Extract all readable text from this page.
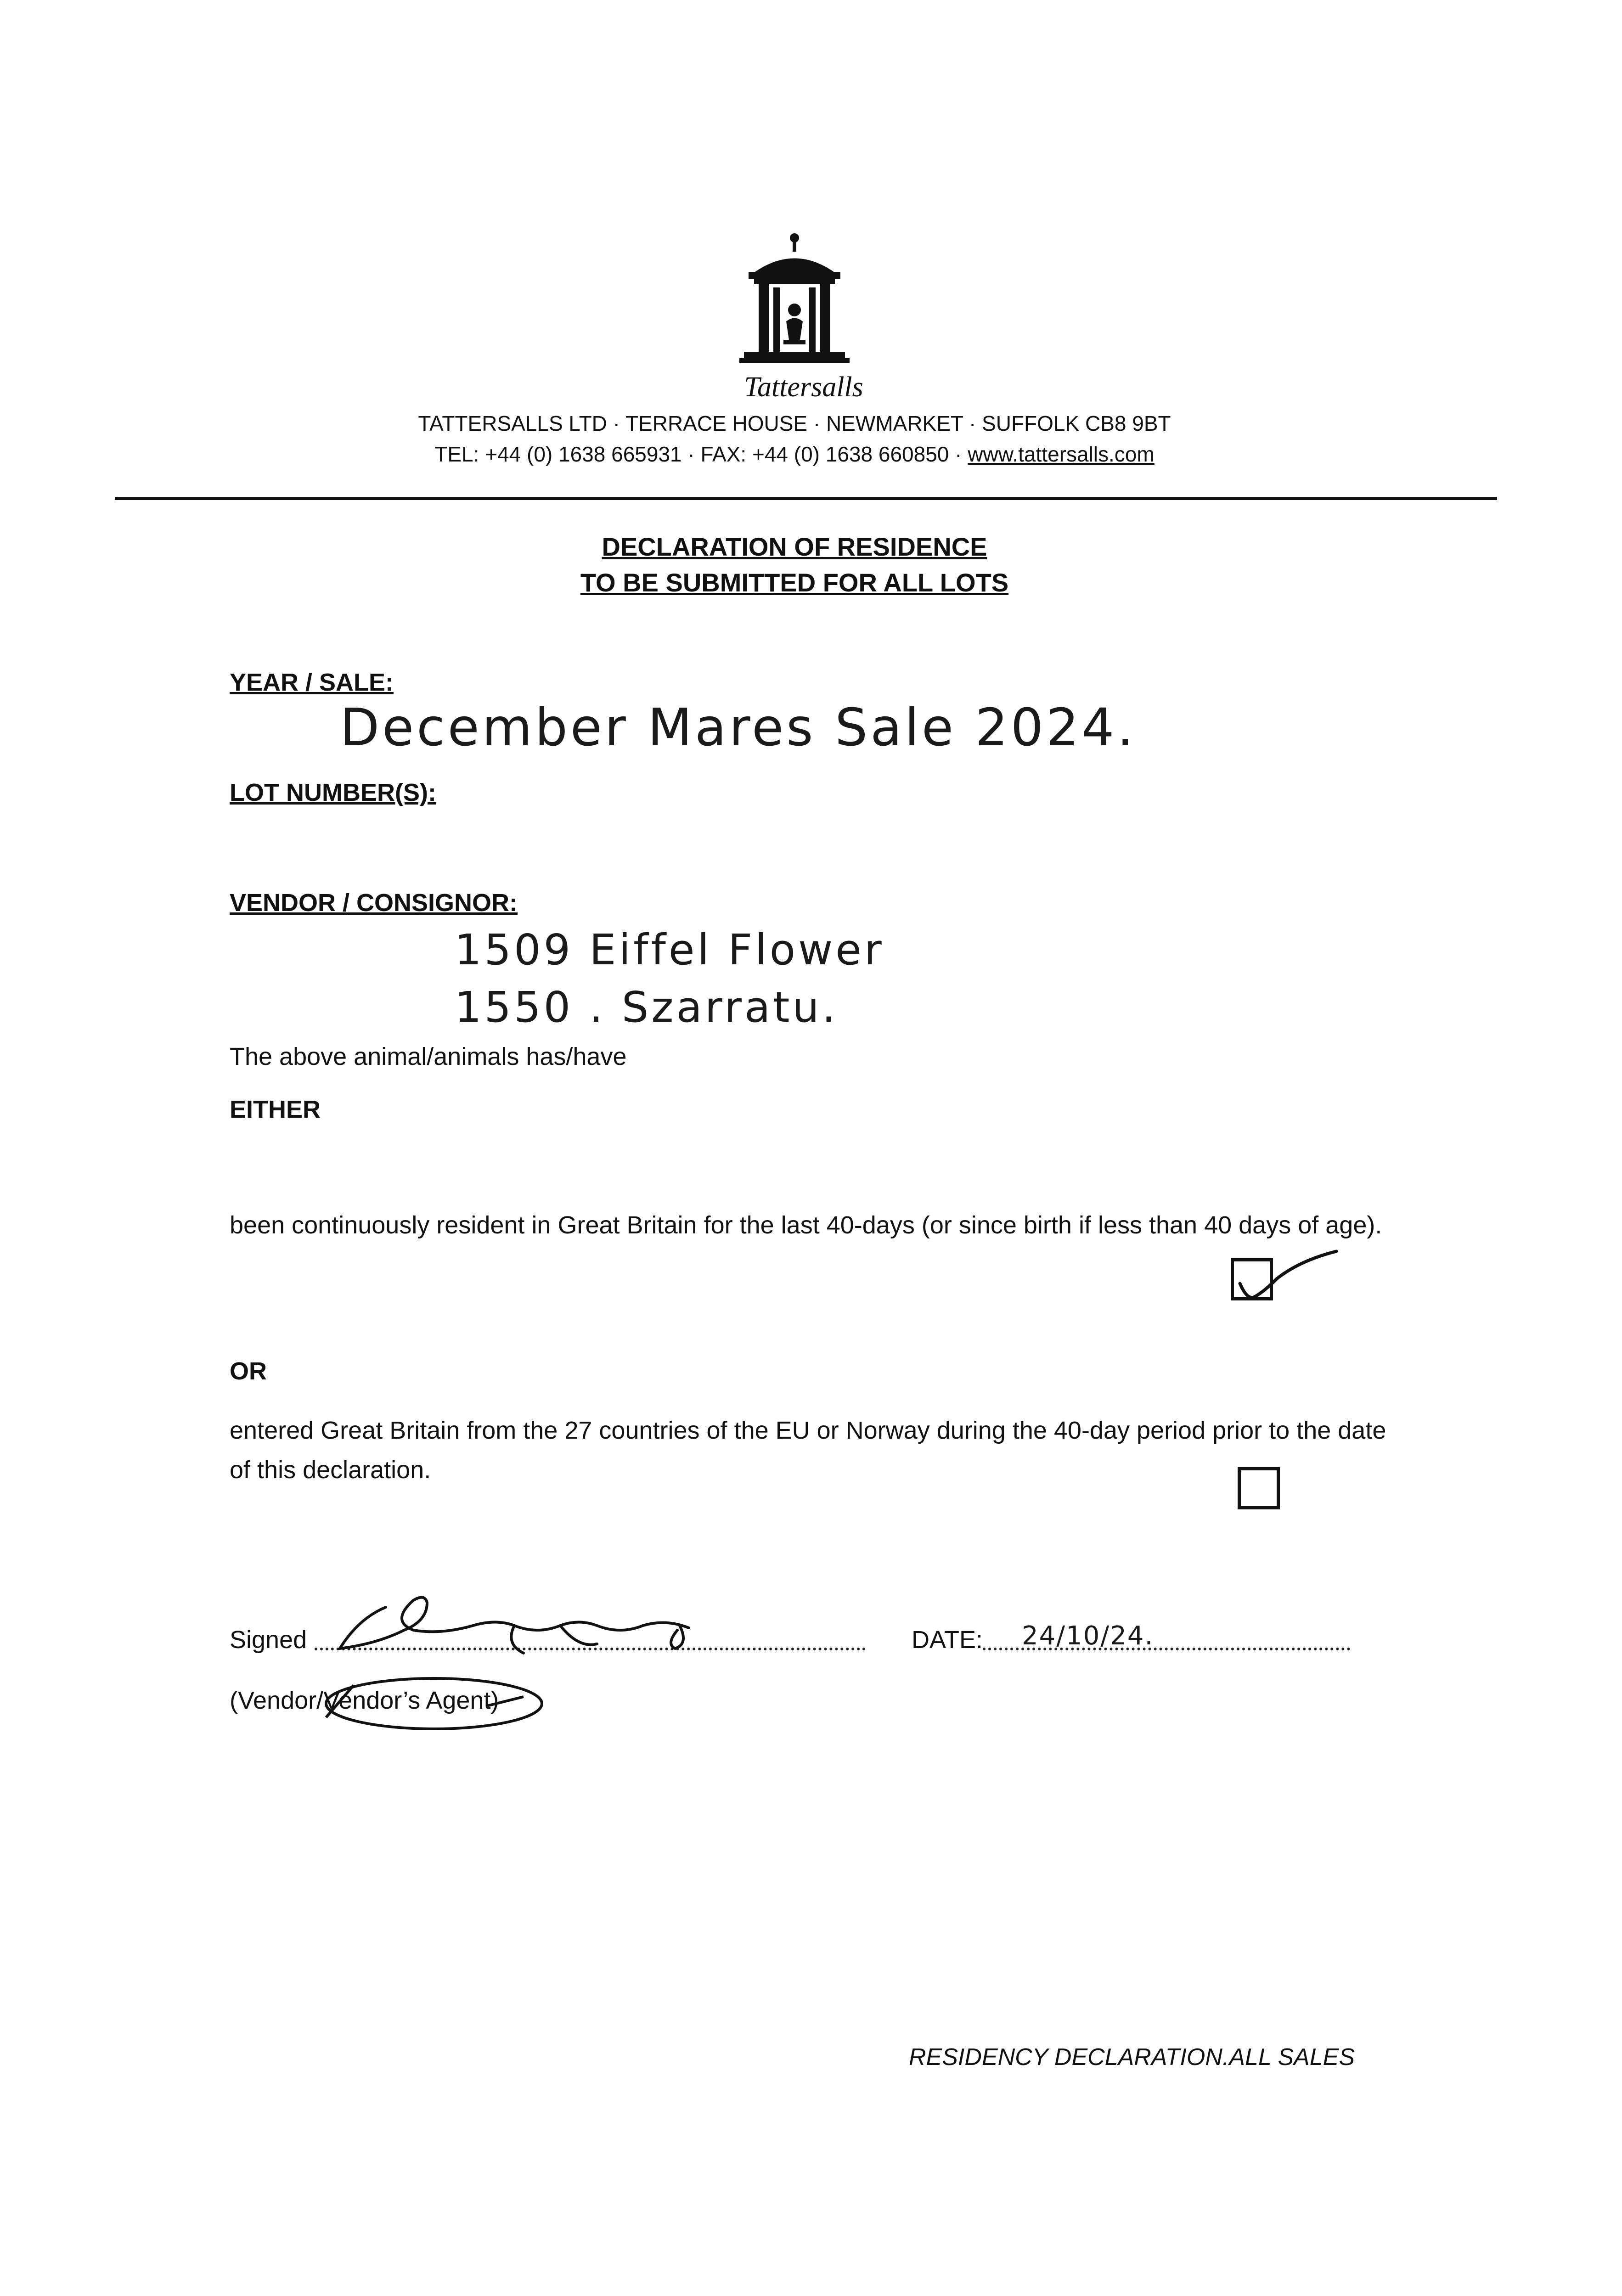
Tattersalls
TATTERSALLS LTD · TERRACE HOUSE · NEWMARKET · SUFFOLK CB8 9BT
TEL: +44 (0) 1638 665931 · FAX: +44 (0) 1638 660850 · www.tattersalls.com
DECLARATION OF RESIDENCE
TO BE SUBMITTED FOR ALL LOTS
YEAR / SALE:
December Mares Sale 2024.
LOT NUMBER(S):
VENDOR / CONSIGNOR:
1509 Eiffel Flower
1550 . Szarratu.
The above animal/animals has/have
EITHER
been continuously resident in Great Britain for the last 40-days (or since birth if less than 40 days of age).
OR
entered Great Britain from the 27 countries of the EU or Norway during the 40-day period prior to the date of this declaration.
Signed	DATE: 24/10/24.
(Vendor/Vendor’s Agent)
RESIDENCY DECLARATION.ALL SALES
